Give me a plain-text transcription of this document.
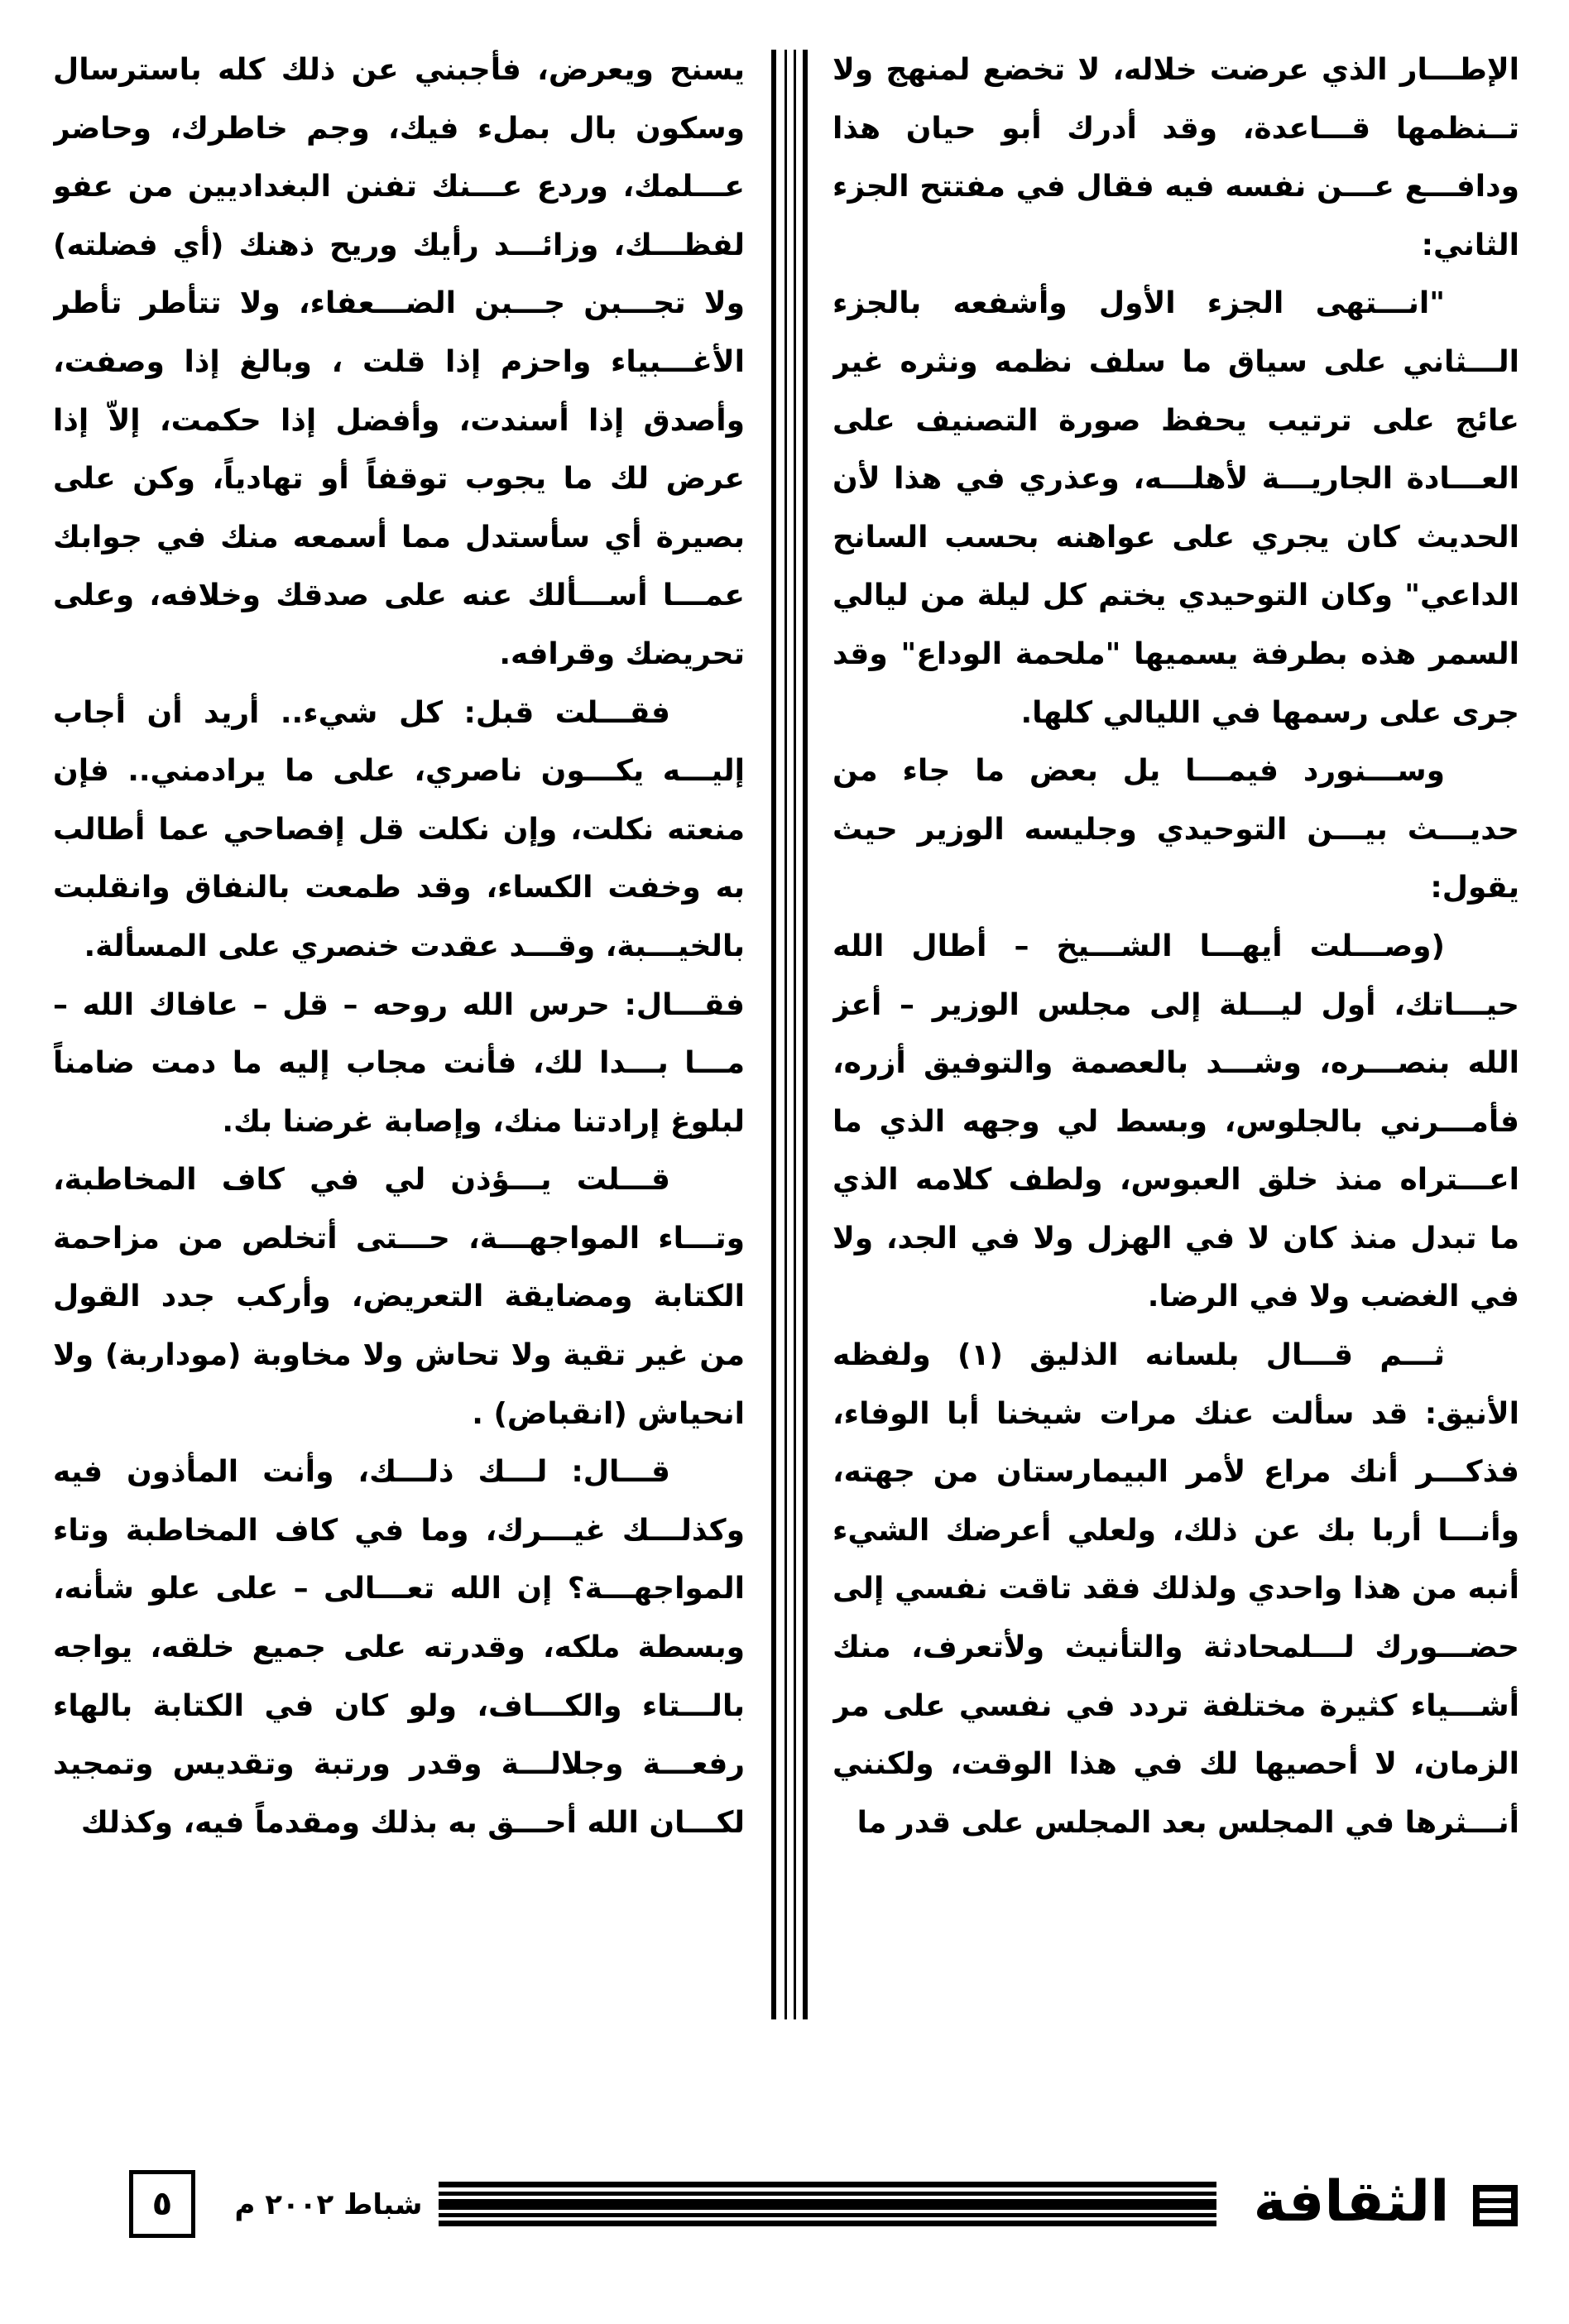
الإطـــار الذي عرضت خلاله، لا تخضع لمنهج ولا تــنظمها قـــاعدة، وقد أدرك أبو حيان هذا ودافـــع عـــن نفسه فيه فقال في مفتتح الجزء الثاني:

"انـــتهى الجزء الأول وأشفعه بالجزء الـــثاني على سياق ما سلف نظمه ونثره غير عائج على ترتيب يحفظ صورة التصنيف على العـــادة الجاريـــة لأهلـــه، وعذري في هذا لأن الحديث كان يجري على عواهنه بحسب السانح الداعي" وكان التوحيدي يختم كل ليلة من ليالي السمر هذه بطرفة يسميها "ملحمة الوداع" وقد جرى على رسمها في الليالي كلها.

وســـنورد فيمـــا يل بعض ما جاء من حديـــث بيـــن التوحيدي وجليسه الوزير حيث يقول:

(وصـــلت أيهـــا الشـــيخ – أطال الله حيـــاتك، أول ليـــلة إلى مجلس الوزير – أعز الله بنصـــره، وشـــد بالعصمة والتوفيق أزره، فأمـــرني بالجلوس، وبسط لي وجهه الذي ما اعـــتراه منذ خلق العبوس، ولطف كلامه الذي ما تبدل منذ كان لا في الهزل ولا في الجد، ولا في الغضب ولا في الرضا.

ثـــم قـــال بلسانه الذليق (١) ولفظه الأنيق: قد سألت عنك مرات شيخنا أبا الوفاء، فذكـــر أنك مراع لأمر البيمارستان من جهته، وأنـــا أربا بك عن ذلك، ولعلي أعرضك الشيء أنبه من هذا واحدي ولذلك فقد تاقت نفسي إلى حضـــورك لـــلمحادثة والتأنيث ولأتعرف، منك أشـــياء كثيرة مختلفة تردد في نفسي على مر الزمان، لا أحصيها لك في هذا الوقت، ولكنني أنـــثرها في المجلس بعد المجلس على قدر ما

يسنح ويعرض، فأجبني عن ذلك كله باسترسال وسكون بال بملء فيك، وجم خاطرك، وحاضر عـــلمك، وردع عـــنك تفنن البغداديين من عفو لفظـــك، وزائـــد رأيك وريح ذهنك (أي فضلته) ولا تجـــبن جـــبن الضـــعفاء، ولا تتأطر تأطر الأغـــبياء واحزم إذا قلت ، وبالغ إذا وصفت، وأصدق إذا أسندت، وأفضل إذا حكمت، إلاّ إذا عرض لك ما يجوب توقفاً أو تهادياً، وكن على بصيرة أي سأستدل مما أسمعه منك في جوابك عمـــا أســـألك عنه على صدقك وخلافه، وعلى تحريضك وقرافه.

فقـــلت قبل: كل شيء.. أريد أن أجاب إليـــه يكـــون ناصري، على ما يرادمني.. فإن منعته نكلت، وإن نكلت قل إفصاحي عما أطالب به وخفت الكساء، وقد طمعت بالنفاق وانقلبت بالخيـــبة، وقـــد عقدت خنصري على المسألة.

فقـــال: حرس الله روحه – قل – عافاك الله – مـــا بـــدا لك، فأنت مجاب إليه ما دمت ضامناً لبلوغ إرادتنا منك، وإصابة غرضنا بك.

قـــلت يـــؤذن لي في كاف المخاطبة، وتـــاء المواجهـــة، حـــتى أتخلص من مزاحمة الكتابة ومضايقة التعريض، وأركب جدد القول من غير تقية ولا تحاش ولا مخاوبة (موداربة) ولا انحياش (انقباض) .

قـــال: لـــك ذلـــك، وأنت المأذون فيه وكذلـــك غيـــرك، وما في كاف المخاطبة وتاء المواجهـــة؟ إن الله تعـــالى – على علو شأنه، وبسطة ملكه، وقدرته على جميع خلقه، يواجه بالـــتاء والكـــاف، ولو كان في الكتابة بالهاء رفعـــة وجلالـــة وقدر ورتبة وتقديس وتمجيد لكـــان الله أحـــق به بذلك ومقدماً فيه، وكذلك

الثقافة
شباط ٢٠٠٢ م
٥
